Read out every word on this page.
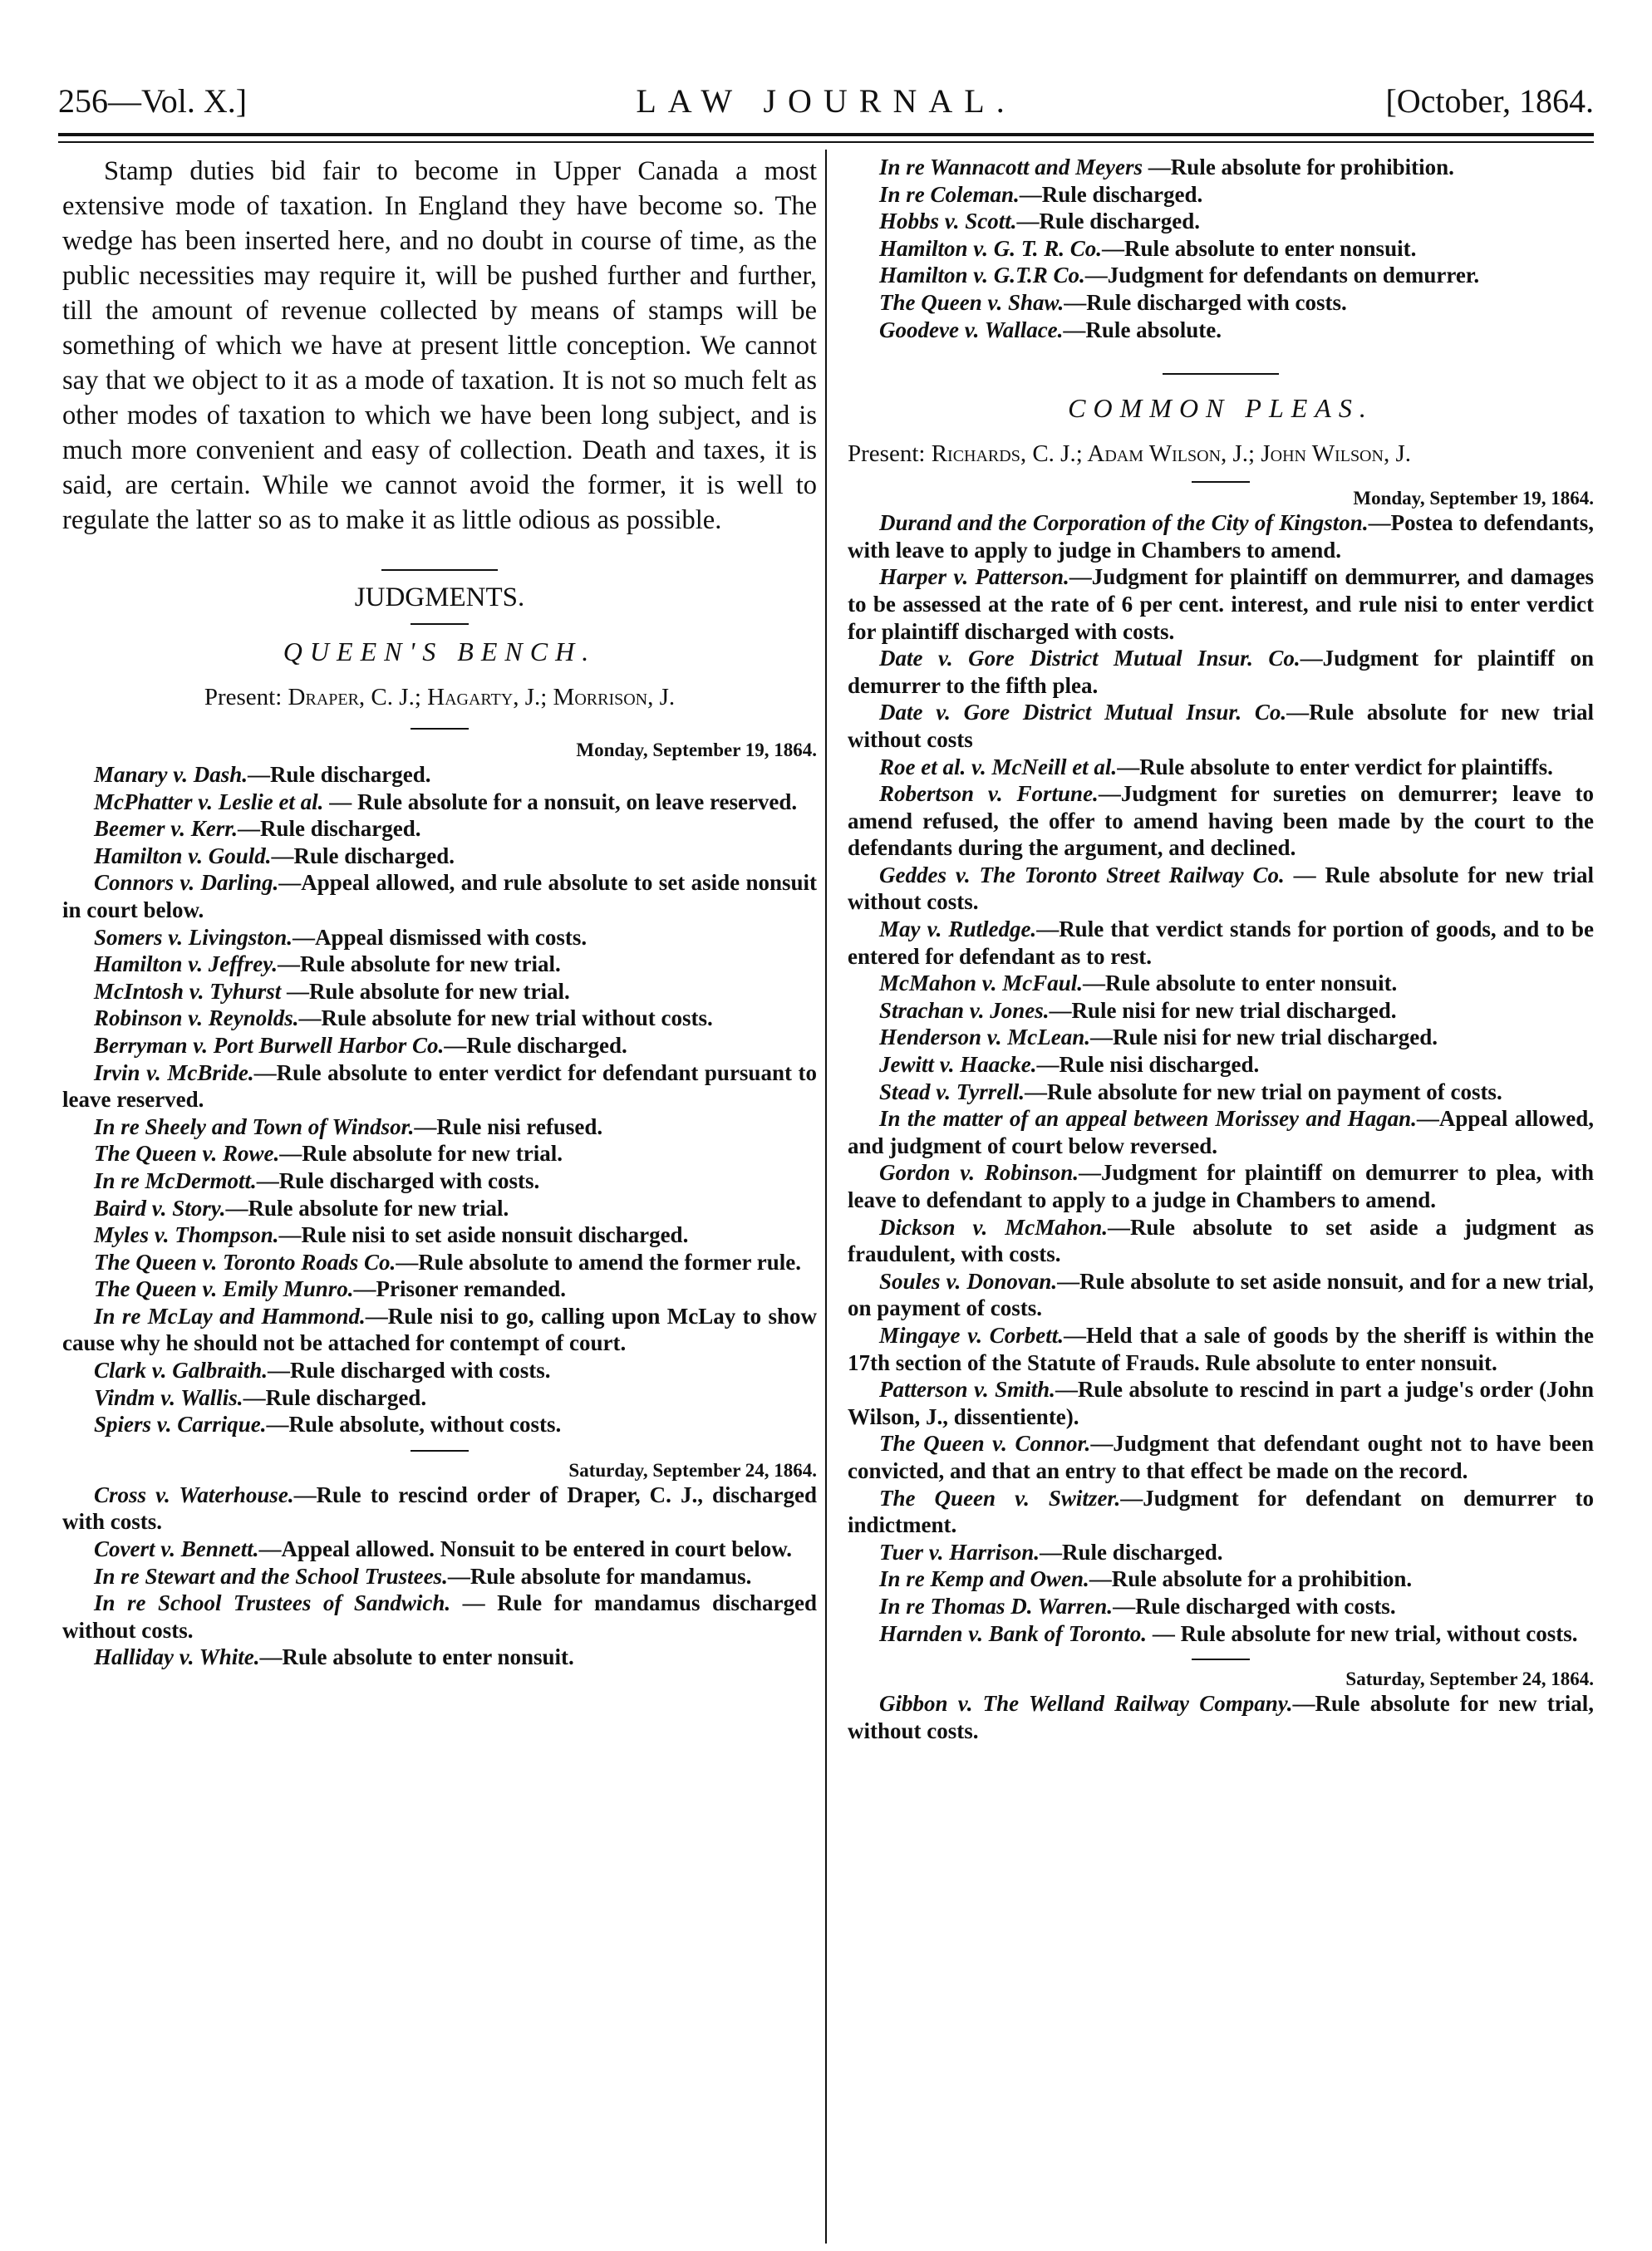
256—Vol. X.]	LAW JOURNAL.	[October, 1864.

Stamp duties bid fair to become in Upper Canada a most extensive mode of taxation. In England they have become so. The wedge has been inserted here, and no doubt in course of time, as the public necessities may require it, will be pushed further and further, till the amount of revenue collected by means of stamps will be something of which we have at present little conception. We cannot say that we object to it as a mode of taxation. It is not so much felt as other modes of taxation to which we have been long subject, and is much more convenient and easy of collection. Death and taxes, it is said, are certain. While we cannot avoid the former, it is well to regulate the latter so as to make it as little odious as possible.

JUDGMENTS.

QUEEN'S BENCH.

Present: Draper, C. J.; Hagarty, J.; Morrison, J.

Monday, September 19, 1864.

Manary v. Dash.—Rule discharged.

McPhatter v. Leslie et al. — Rule absolute for a nonsuit, on leave reserved.

Beemer v. Kerr.—Rule discharged.

Hamilton v. Gould.—Rule discharged.

Connors v. Darling.—Appeal allowed, and rule absolute to set aside nonsuit in court below.

Somers v. Livingston.—Appeal dismissed with costs.

Hamilton v. Jeffrey.—Rule absolute for new trial.

McIntosh v. Tyhurst —Rule absolute for new trial.

Robinson v. Reynolds.—Rule absolute for new trial without costs.

Berryman v. Port Burwell Harbor Co.—Rule discharged.

Irvin v. McBride.—Rule absolute to enter verdict for defendant pursuant to leave reserved.

In re Sheely and Town of Windsor.—Rule nisi refused.

The Queen v. Rowe.—Rule absolute for new trial.

In re McDermott.—Rule discharged with costs.

Baird v. Story.—Rule absolute for new trial.

Myles v. Thompson.—Rule nisi to set aside nonsuit discharged.

The Queen v. Toronto Roads Co.—Rule absolute to amend the former rule.

The Queen v. Emily Munro.—Prisoner remanded.

In re McLay and Hammond.—Rule nisi to go, calling upon McLay to show cause why he should not be attached for contempt of court.

Clark v. Galbraith.—Rule discharged with costs.

Vindm v. Wallis.—Rule discharged.

Spiers v. Carrique.—Rule absolute, without costs.

Saturday, September 24, 1864.

Cross v. Waterhouse.—Rule to rescind order of Draper, C. J., discharged with costs.

Covert v. Bennett.—Appeal allowed. Nonsuit to be entered in court below.

In re Stewart and the School Trustees.—Rule absolute for mandamus.

In re School Trustees of Sandwich. — Rule for mandamus discharged without costs.

Halliday v. White.—Rule absolute to enter nonsuit.

In re Wannacott and Meyers —Rule absolute for prohibition.

In re Coleman.—Rule discharged.

Hobbs v. Scott.—Rule discharged.

Hamilton v. G. T. R. Co.—Rule absolute to enter nonsuit.

Hamilton v. G.T.R Co.—Judgment for defendants on demurrer.

The Queen v. Shaw.—Rule discharged with costs.

Goodeve v. Wallace.—Rule absolute.

COMMON PLEAS.

Present: Richards, C. J.; Adam Wilson, J.; John Wilson, J.

Monday, September 19, 1864.

Durand and the Corporation of the City of Kingston.—Postea to defendants, with leave to apply to judge in Chambers to amend.

Harper v. Patterson.—Judgment for plaintiff on demmurrer, and damages to be assessed at the rate of 6 per cent. interest, and rule nisi to enter verdict for plaintiff discharged with costs.

Date v. Gore District Mutual Insur. Co.—Judgment for plaintiff on demurrer to the fifth plea.

Date v. Gore District Mutual Insur. Co.—Rule absolute for new trial without costs

Roe et al. v. McNeill et al.—Rule absolute to enter verdict for plaintiffs.

Robertson v. Fortune.—Judgment for sureties on demurrer; leave to amend refused, the offer to amend having been made by the court to the defendants during the argument, and declined.

Geddes v. The Toronto Street Railway Co. — Rule absolute for new trial without costs.

May v. Rutledge.—Rule that verdict stands for portion of goods, and to be entered for defendant as to rest.

McMahon v. McFaul.—Rule absolute to enter nonsuit.

Strachan v. Jones.—Rule nisi for new trial discharged.

Henderson v. McLean.—Rule nisi for new trial discharged.

Jewitt v. Haacke.—Rule nisi discharged.

Stead v. Tyrrell.—Rule absolute for new trial on payment of costs.

In the matter of an appeal between Morissey and Hagan.—Appeal allowed, and judgment of court below reversed.

Gordon v. Robinson.—Judgment for plaintiff on demurrer to plea, with leave to defendant to apply to a judge in Chambers to amend.

Dickson v. McMahon.—Rule absolute to set aside a judgment as fraudulent, with costs.

Soules v. Donovan.—Rule absolute to set aside nonsuit, and for a new trial, on payment of costs.

Mingaye v. Corbett.—Held that a sale of goods by the sheriff is within the 17th section of the Statute of Frauds. Rule absolute to enter nonsuit.

Patterson v. Smith.—Rule absolute to rescind in part a judge's order (John Wilson, J., dissentiente).

The Queen v. Connor.—Judgment that defendant ought not to have been convicted, and that an entry to that effect be made on the record.

The Queen v. Switzer.—Judgment for defendant on demurrer to indictment.

Tuer v. Harrison.—Rule discharged.

In re Kemp and Owen.—Rule absolute for a prohibition.

In re Thomas D. Warren.—Rule discharged with costs.

Harnden v. Bank of Toronto. — Rule absolute for new trial, without costs.

Saturday, September 24, 1864.

Gibbon v. The Welland Railway Company.—Rule absolute for new trial, without costs.
